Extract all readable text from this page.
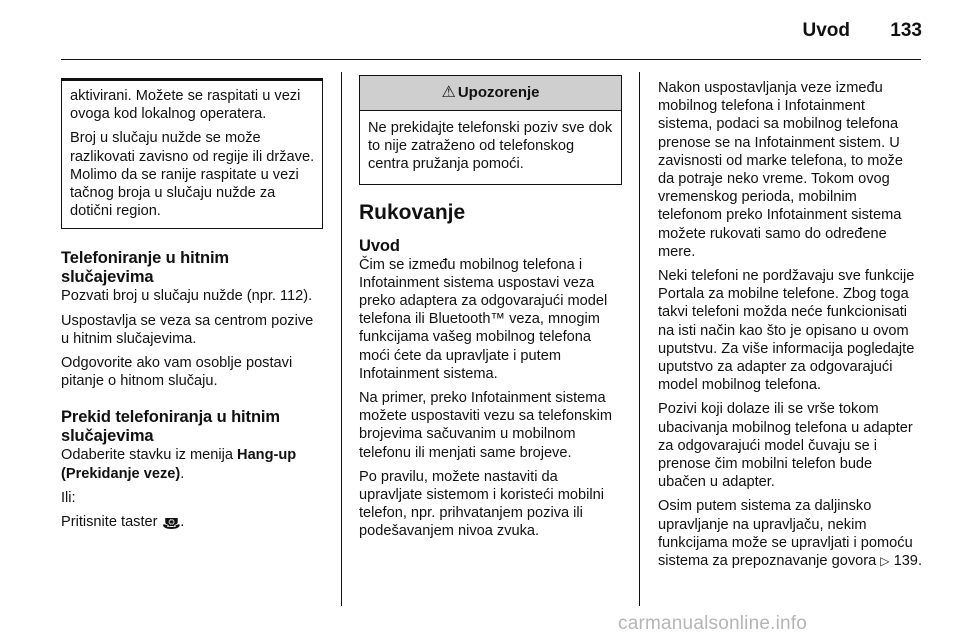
Uvod	133

aktivirani. Možete se raspitati u vezi ovoga kod lokalnog operatera.

Broj u slučaju nužde se može razlikovati zavisno od regije ili države. Molimo da se ranije raspitate u vezi tačnog broja u slučaju nužde za dotični region.

Telefoniranje u hitnim slučajevima

Pozvati broj u slučaju nužde (npr. 112).

Uspostavlja se veza sa centrom pozive u hitnim slučajevima.

Odgovorite ako vam osoblje postavi pitanje o hitnom slučaju.

Prekid telefoniranja u hitnim slučajevima

Odaberite stavku iz menija Hang-up (Prekidanje veze).

Ili:

Pritisnite taster ☎.

⚠ Upozorenje
Ne prekidajte telefonski poziv sve dok to nije zatraženo od telefonskog centra pružanja pomoći.
Rukovanje
Uvod

Čim se između mobilnog telefona i Infotainment sistema uspostavi veza preko adaptera za odgovarajući model telefona ili Bluetooth™ veza, mnogim funkcijama vašeg mobilnog telefona moći ćete da upravljate i putem Infotainment sistema.

Na primer, preko Infotainment sistema možete uspostaviti vezu sa telefonskim brojevima sačuvanim u mobilnom telefonu ili menjati same brojeve.

Po pravilu, možete nastaviti da upravljate sistemom i koristeći mobilni telefon, npr. prihvatanjem poziva ili podešavanjem nivoa zvuka.

Nakon uspostavljanja veze između mobilnog telefona i Infotainment sistema, podaci sa mobilnog telefona prenose se na Infotainment sistem. U zavisnosti od marke telefona, to može da potraje neko vreme. Tokom ovog vremenskog perioda, mobilnim telefonom preko Infotainment sistema možete rukovati samo do određene mere.

Neki telefoni ne pordžavaju sve funkcije Portala za mobilne telefone. Zbog toga takvi telefoni možda neće funkcionisati na isti način kao što je opisano u ovom uputstvu. Za više informacija pogledajte uputstvo za adapter za odgovarajući model mobilnog telefona.

Pozivi koji dolaze ili se vrše tokom ubacivanja mobilnog telefona u adapter za odgovarajući model čuvaju se i prenose čim mobilni telefon bude ubačen u adapter.

Osim putem sistema za daljinsko upravljanje na upravljaču, nekim funkcijama može se upravljati i pomoću sistema za prepoznavanje govora ▷ 139.

carmanualsonline.info
